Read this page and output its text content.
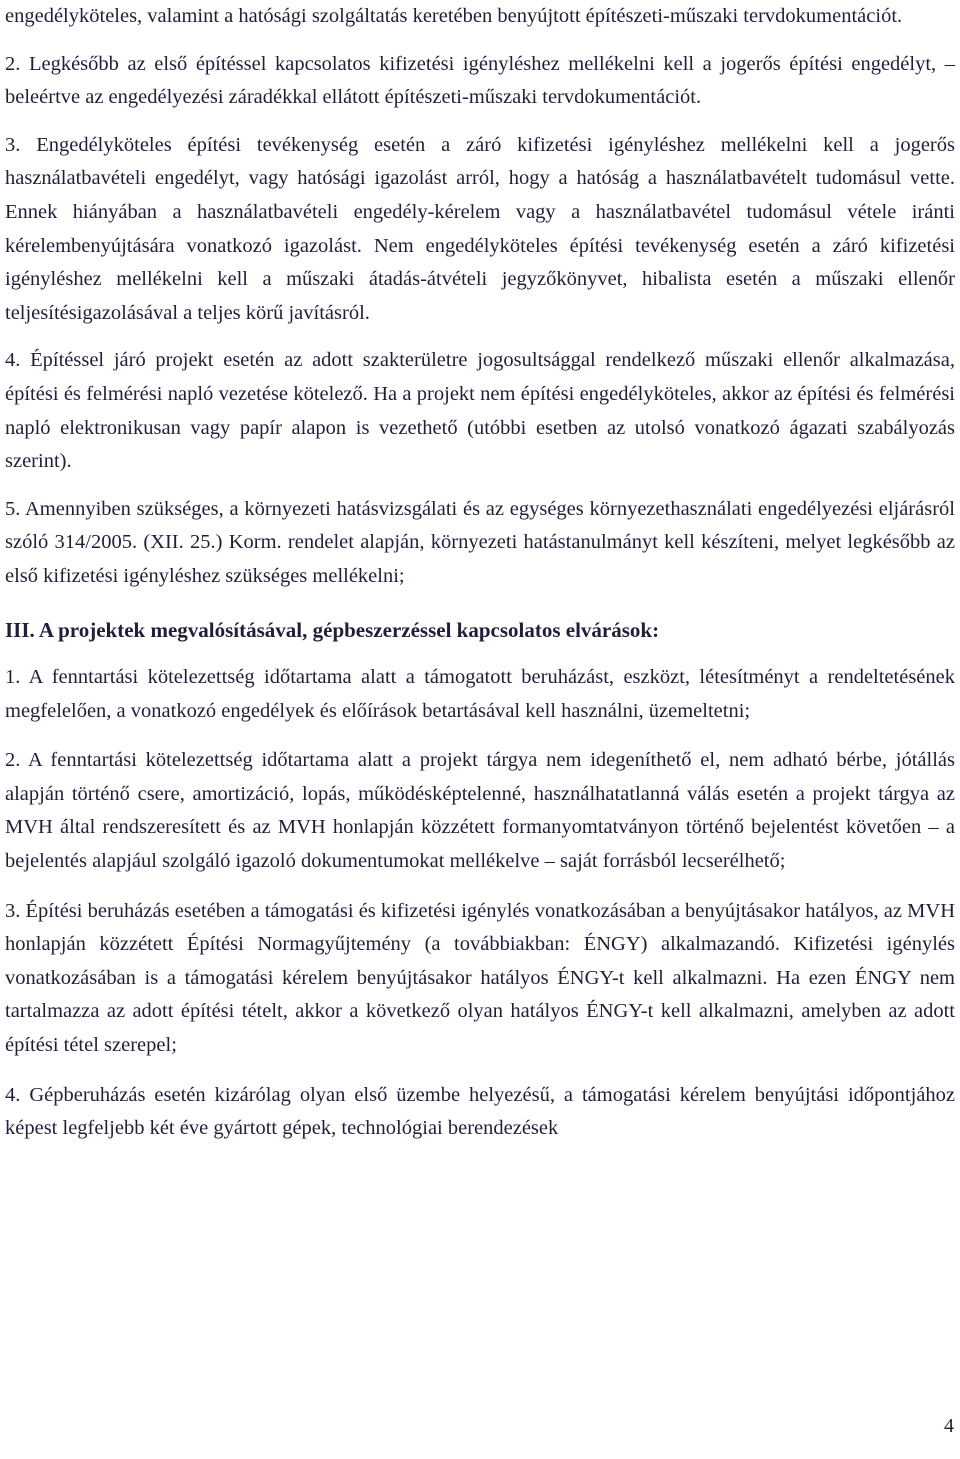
engedélyköteles, valamint a hatósági szolgáltatás keretében benyújtott építészeti-műszaki tervdokumentációt.

2. Legkésőbb az első építéssel kapcsolatos kifizetési igényléshez mellékelni kell a jogerős építési engedélyt, – beleértve az engedélyezési záradékkal ellátott építészeti-műszaki tervdokumentációt.

3. Engedélyköteles építési tevékenység esetén a záró kifizetési igényléshez mellékelni kell a jogerős használatbavételi engedélyt, vagy hatósági igazolást arról, hogy a hatóság a használatbavételt tudomásul vette. Ennek hiányában a használatbavételi engedély-kérelem vagy a használatbavétel tudomásul vétele iránti kérelembenyújtására vonatkozó igazolást. Nem engedélyköteles építési tevékenység esetén a záró kifizetési igényléshez mellékelni kell a műszaki átadás-átvételi jegyzőkönyvet, hibalista esetén a műszaki ellenőr teljesítésigazolásával a teljes körű javításról.

4. Építéssel járó projekt esetén az adott szakterületre jogosultsággal rendelkező műszaki ellenőr alkalmazása, építési és felmérési napló vezetése kötelező. Ha a projekt nem építési engedélyköteles, akkor az építési és felmérési napló elektronikusan vagy papír alapon is vezethető (utóbbi esetben az utolsó vonatkozó ágazati szabályozás szerint).

5. Amennyiben szükséges, a környezeti hatásvizsgálati és az egységes környezethasználati engedélyezési eljárásról szóló 314/2005. (XII. 25.) Korm. rendelet alapján, környezeti hatástanulmányt kell készíteni, melyet legkésőbb az első kifizetési igényléshez szükséges mellékelni;

III. A projektek megvalósításával, gépbeszerzéssel kapcsolatos elvárások:

1. A fenntartási kötelezettség időtartama alatt a támogatott beruházást, eszközt, létesítményt a rendeltetésének megfelelően, a vonatkozó engedélyek és előírások betartásával kell használni, üzemeltetni;

2. A fenntartási kötelezettség időtartama alatt a projekt tárgya nem idegeníthető el, nem adható bérbe, jótállás alapján történő csere, amortizáció, lopás, működésképtelenné, használhatatlanná válás esetén a projekt tárgya az MVH által rendszeresített és az MVH honlapján közzétett formanyomtatványon történő bejelentést követően – a bejelentés alapjául szolgáló igazoló dokumentumokat mellékelve – saját forrásból lecserélhető;

3. Építési beruházás esetében a támogatási és kifizetési igénylés vonatkozásában a benyújtásakor hatályos, az MVH honlapján közzétett Építési Normagyűjtemény (a továbbiakban: ÉNGY) alkalmazandó. Kifizetési igénylés vonatkozásában is a támogatási kérelem benyújtásakor hatályos ÉNGY-t kell alkalmazni. Ha ezen ÉNGY nem tartalmazza az adott építési tételt, akkor a következő olyan hatályos ÉNGY-t kell alkalmazni, amelyben az adott építési tétel szerepel;

4. Gépberuházás esetén kizárólag olyan első üzembe helyezésű, a támogatási kérelem benyújtási időpontjához képest legfeljebb két éve gyártott gépek, technológiai berendezések

4
